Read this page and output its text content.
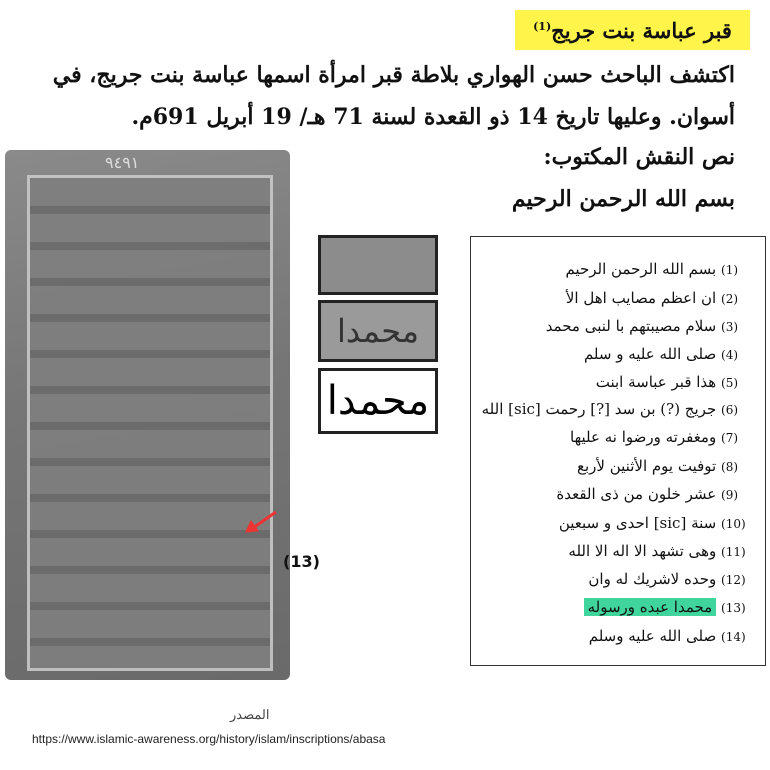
قبر عباسة بنت جريج$^{(1)}$
اكتشف الباحث حسن الهواري بلاطة قبر امرأة اسمها عباسة بنت جريج، في
أسوان. وعليها تاريخ 14 ذو القعدة لسنة 71 هـ/ 19 أبريل 691م.
نص النقش المكتوب:
بسم الله الرحمن الرحيم
٩٤٩١
(13)
محمدا
محمدا
(1) بسم الله الرحمن الرحيم
(2) ان اعظم مصايب اهل الأ
(3) سلام مصيبتهم با لنبى محمد
(4) صلى الله عليه و سلم
(5) هذا قبر عباسة ابنت
(6) جريج (?) بن سد [?] رحمت [sic] الله
(7) ومغفرته ورضوا نه عليها
(8) توفيت يوم الأثنين لأربع
(9) عشر خلون من ذى القعدة
(10) سنة [sic] احدى و سبعين
(11) وهى تشهد الا اله الا الله
(12) وحده لاشريك له وان
(13) محمدا عبده ورسوله
(14) صلى الله عليه وسلم
المصدر
https://www.islamic-awareness.org/history/islam/inscriptions/abasa
